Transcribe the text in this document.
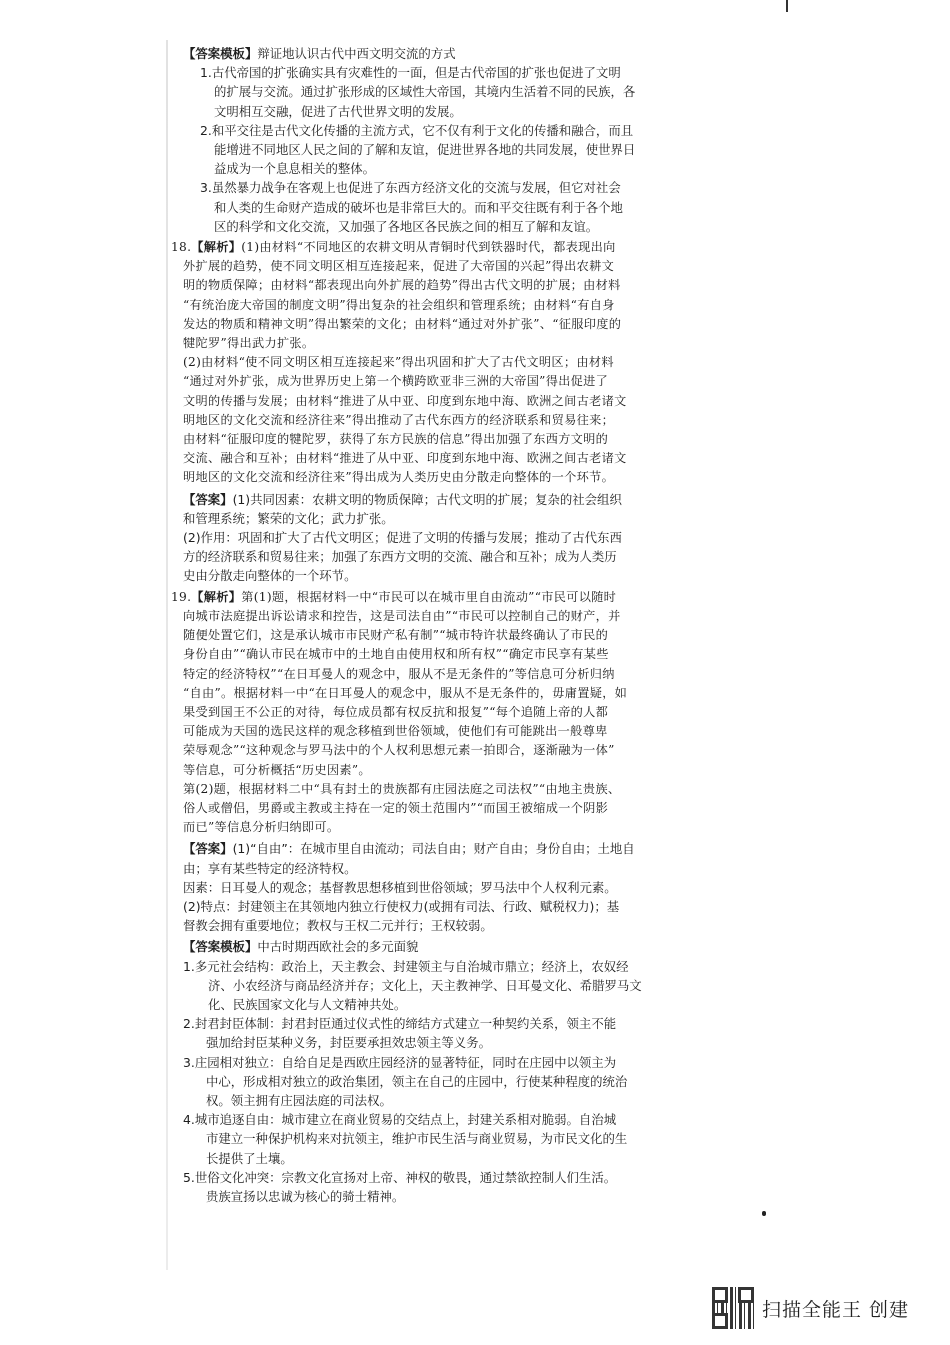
【答案模板】辩证地认识古代中西文明交流的方式
1.古代帝国的扩张确实具有灾难性的一面，但是古代帝国的扩张也促进了文明
的扩展与交流。通过扩张形成的区域性大帝国，其境内生活着不同的民族，各
文明相互交融，促进了古代世界文明的发展。
2.和平交往是古代文化传播的主流方式，它不仅有利于文化的传播和融合，而且
能增进不同地区人民之间的了解和友谊，促进世界各地的共同发展，使世界日
益成为一个息息相关的整体。
3.虽然暴力战争在客观上也促进了东西方经济文化的交流与发展，但它对社会
和人类的生命财产造成的破坏也是非常巨大的。而和平交往既有利于各个地
区的科学和文化交流，又加强了各地区各民族之间的相互了解和友谊。
18.【解析】(1)由材料“不同地区的农耕文明从青铜时代到铁器时代，都表现出向
外扩展的趋势，使不同文明区相互连接起来，促进了大帝国的兴起”得出农耕文
明的物质保障；由材料“都表现出向外扩展的趋势”得出古代文明的扩展；由材料
“有统治庞大帝国的制度文明”得出复杂的社会组织和管理系统；由材料“有自身
发达的物质和精神文明”得出繁荣的文化；由材料“通过对外扩张”、“征服印度的
犍陀罗”得出武力扩张。
(2)由材料“使不同文明区相互连接起来”得出巩固和扩大了古代文明区；由材料
“通过对外扩张，成为世界历史上第一个横跨欧亚非三洲的大帝国”得出促进了
文明的传播与发展；由材料“推进了从中亚、印度到东地中海、欧洲之间古老诸文
明地区的文化交流和经济往来”得出推动了古代东西方的经济联系和贸易往来；
由材料“征服印度的犍陀罗，获得了东方民族的信息”得出加强了东西方文明的
交流、融合和互补；由材料“推进了从中亚、印度到东地中海、欧洲之间古老诸文
明地区的文化交流和经济往来”得出成为人类历史由分散走向整体的一个环节。
【答案】(1)共同因素：农耕文明的物质保障；古代文明的扩展；复杂的社会组织
和管理系统；繁荣的文化；武力扩张。
(2)作用：巩固和扩大了古代文明区；促进了文明的传播与发展；推动了古代东西
方的经济联系和贸易往来；加强了东西方文明的交流、融合和互补；成为人类历
史由分散走向整体的一个环节。
19.【解析】第(1)题，根据材料一中“市民可以在城市里自由流动”“市民可以随时
向城市法庭提出诉讼请求和控告，这是司法自由”“市民可以控制自己的财产，并
随便处置它们，这是承认城市市民财产私有制”“城市特许状最终确认了市民的
身份自由”“确认市民在城市中的土地自由使用权和所有权”“确定市民享有某些
特定的经济特权”“在日耳曼人的观念中，服从不是无条件的”等信息可分析归纳
“自由”。根据材料一中“在日耳曼人的观念中，服从不是无条件的，毋庸置疑，如
果受到国王不公正的对待，每位成员都有权反抗和报复”“每个追随上帝的人都
可能成为天国的选民这样的观念移植到世俗领域，使他们有可能跳出一般尊卑
荣辱观念”“这种观念与罗马法中的个人权利思想元素一拍即合，逐渐融为一体”
等信息，可分析概括“历史因素”。
第(2)题，根据材料二中“具有封土的贵族都有庄园法庭之司法权”“由地主贵族、
俗人或僧侣，男爵或主教或主持在一定的领土范围内”“而国王被缩成一个阴影
而已”等信息分析归纳即可。
【答案】(1)“自由”：在城市里自由流动；司法自由；财产自由；身份自由；土地自
由；享有某些特定的经济特权。
因素：日耳曼人的观念；基督教思想移植到世俗领域；罗马法中个人权利元素。
(2)特点：封建领主在其领地内独立行使权力(或拥有司法、行政、赋税权力)；基
督教会拥有重要地位；教权与王权二元并行；王权较弱。
【答案模板】中古时期西欧社会的多元面貌
1.多元社会结构：政治上，天主教会、封建领主与自治城市鼎立；经济上，农奴经
济、小农经济与商品经济并存；文化上，天主教神学、日耳曼文化、希腊罗马文
化、民族国家文化与人文精神共处。
2.封君封臣体制：封君封臣通过仪式性的缔结方式建立一种契约关系，领主不能
强加给封臣某种义务，封臣要承担效忠领主等义务。
3.庄园相对独立：自给自足是西欧庄园经济的显著特征，同时在庄园中以领主为
中心，形成相对独立的政治集团，领主在自己的庄园中，行使某种程度的统治
权。领主拥有庄园法庭的司法权。
4.城市追逐自由：城市建立在商业贸易的交结点上，封建关系相对脆弱。自治城
市建立一种保护机构来对抗领主，维护市民生活与商业贸易，为市民文化的生
长提供了土壤。
5.世俗文化冲突：宗教文化宣扬对上帝、神权的敬畏，通过禁欲控制人们生活。
贵族宣扬以忠诚为核心的骑士精神。
扫描全能王 创建
